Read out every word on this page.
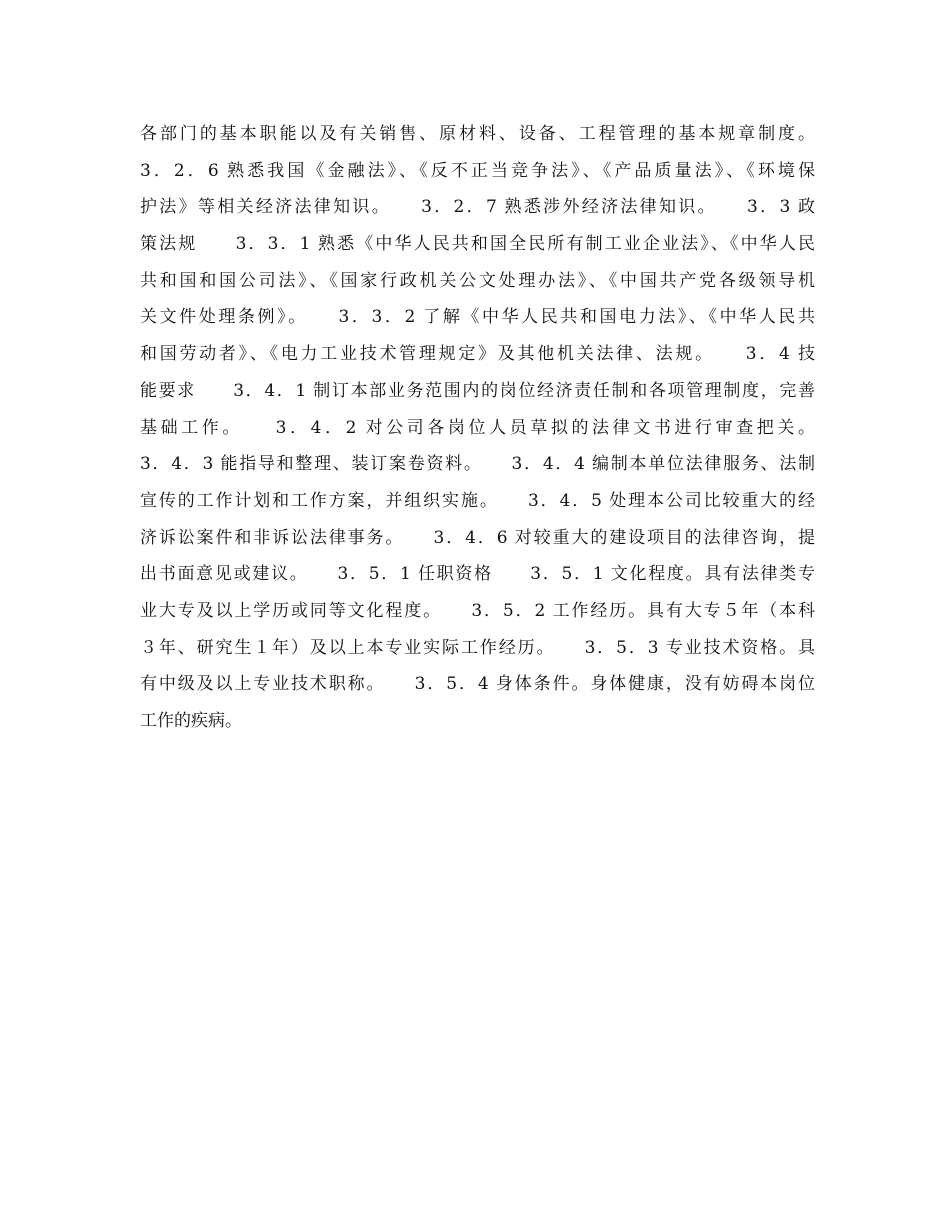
各部门的基本职能以及有关销售、原材料、设备、工程管理的基本规章制度。
3．2．6 熟悉我国《金融法》、《反不正当竞争法》、《产品质量法》、《环境保
护法》等相关经济法律知识。　　3．2．7 熟悉涉外经济法律知识。　　3．3 政
策法规　　3．3．1 熟悉《中华人民共和国全民所有制工业企业法》、《中华人民
共和国和国公司法》、《国家行政机关公文处理办法》、《中国共产党各级领导机
关文件处理条例》。　　3．3．2 了解《中华人民共和国电力法》、《中华人民共
和国劳动者》、《电力工业技术管理规定》及其他机关法律、法规。　　3．4 技
能要求　　3．4．1 制订本部业务范围内的岗位经济责任制和各项管理制度，完善
基础工作。　　3．4．2 对公司各岗位人员草拟的法律文书进行审查把关。
3．4．3 能指导和整理、装订案卷资料。　　3．4．4 编制本单位法律服务、法制
宣传的工作计划和工作方案，并组织实施。　　3．4．5 处理本公司比较重大的经
济诉讼案件和非诉讼法律事务。　　3．4．6 对较重大的建设项目的法律咨询，提
出书面意见或建议。　　3．5．1 任职资格　　3．5．1 文化程度。具有法律类专
业大专及以上学历或同等文化程度。　　3．5．2 工作经历。具有大专５年（本科
３年、研究生１年）及以上本专业实际工作经历。　　3．5．3 专业技术资格。具
有中级及以上专业技术职称。　　3．5．4 身体条件。身体健康，没有妨碍本岗位
工作的疾病。
